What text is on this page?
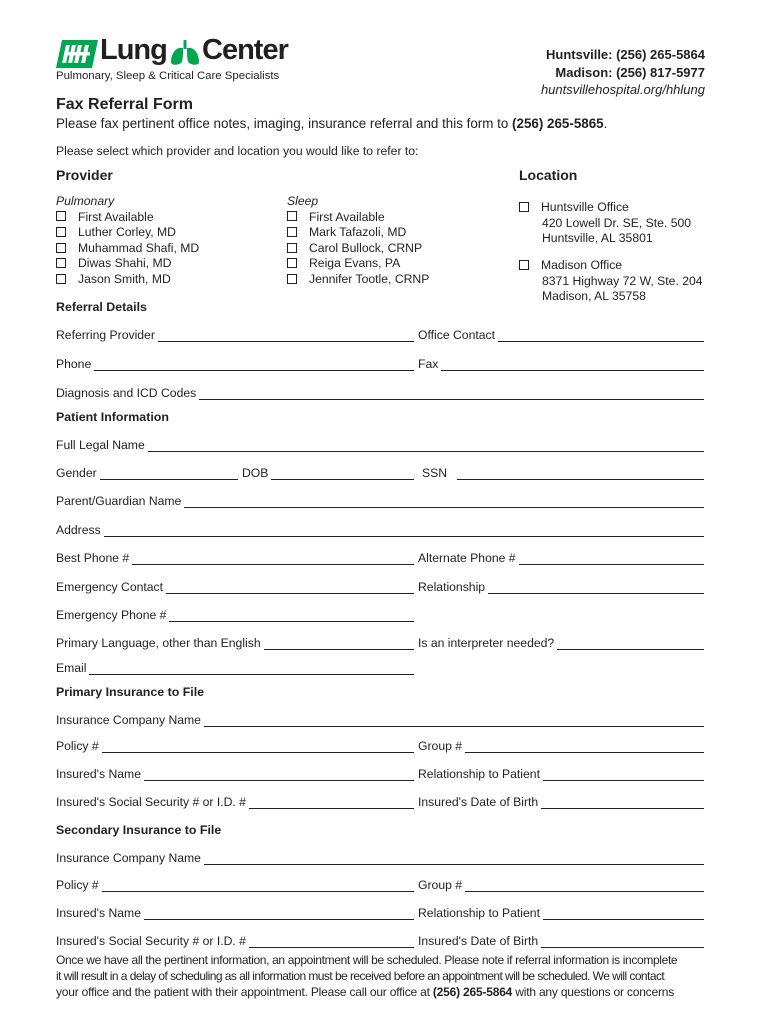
Lung Center
Pulmonary, Sleep & Critical Care Specialists
Huntsville: (256) 265-5864
Madison: (256) 817-5977
huntsvillehospital.org/hhlung
Fax Referral Form
Please fax pertinent office notes, imaging, insurance referral and this form to (256) 265-5865.
Please select which provider and location you would like to refer to:
Provider	Location
Pulmonary
First Available
Luther Corley, MD
Muhammad Shafi, MD
Diwas Shahi, MD
Jason Smith, MD
Sleep
First Available
Mark Tafazoli, MD
Carol Bullock, CRNP
Reiga Evans, PA
Jennifer Tootle, CRNP
Huntsville Office
420 Lowell Dr. SE, Ste. 500
Huntsville, AL 35801
Madison Office
8371 Highway 72 W, Ste. 204
Madison, AL 35758
Referral Details
Referring Provider	Office Contact
Phone	Fax
Diagnosis and ICD Codes
Patient Information
Full Legal Name
Gender	DOB	SSN
Parent/Guardian Name
Address
Best Phone #	Alternate Phone #
Emergency Contact	Relationship
Emergency Phone #
Primary Language, other than English	Is an interpreter needed?
Email
Primary Insurance to File
Insurance Company Name
Policy #	Group #
Insured's Name	Relationship to Patient
Insured's Social Security # or I.D. #	Insured's Date of Birth
Secondary Insurance to File
Insurance Company Name
Policy #	Group #
Insured's Name	Relationship to Patient
Insured's Social Security # or I.D. #	Insured's Date of Birth
Once we have all the pertinent information, an appointment will be scheduled. Please note if referral information is incomplete
it will result in a delay of scheduling as all information must be received before an appointment will be scheduled. We will contact
your office and the patient with their appointment. Please call our office at (256) 265-5864 with any questions or concerns
